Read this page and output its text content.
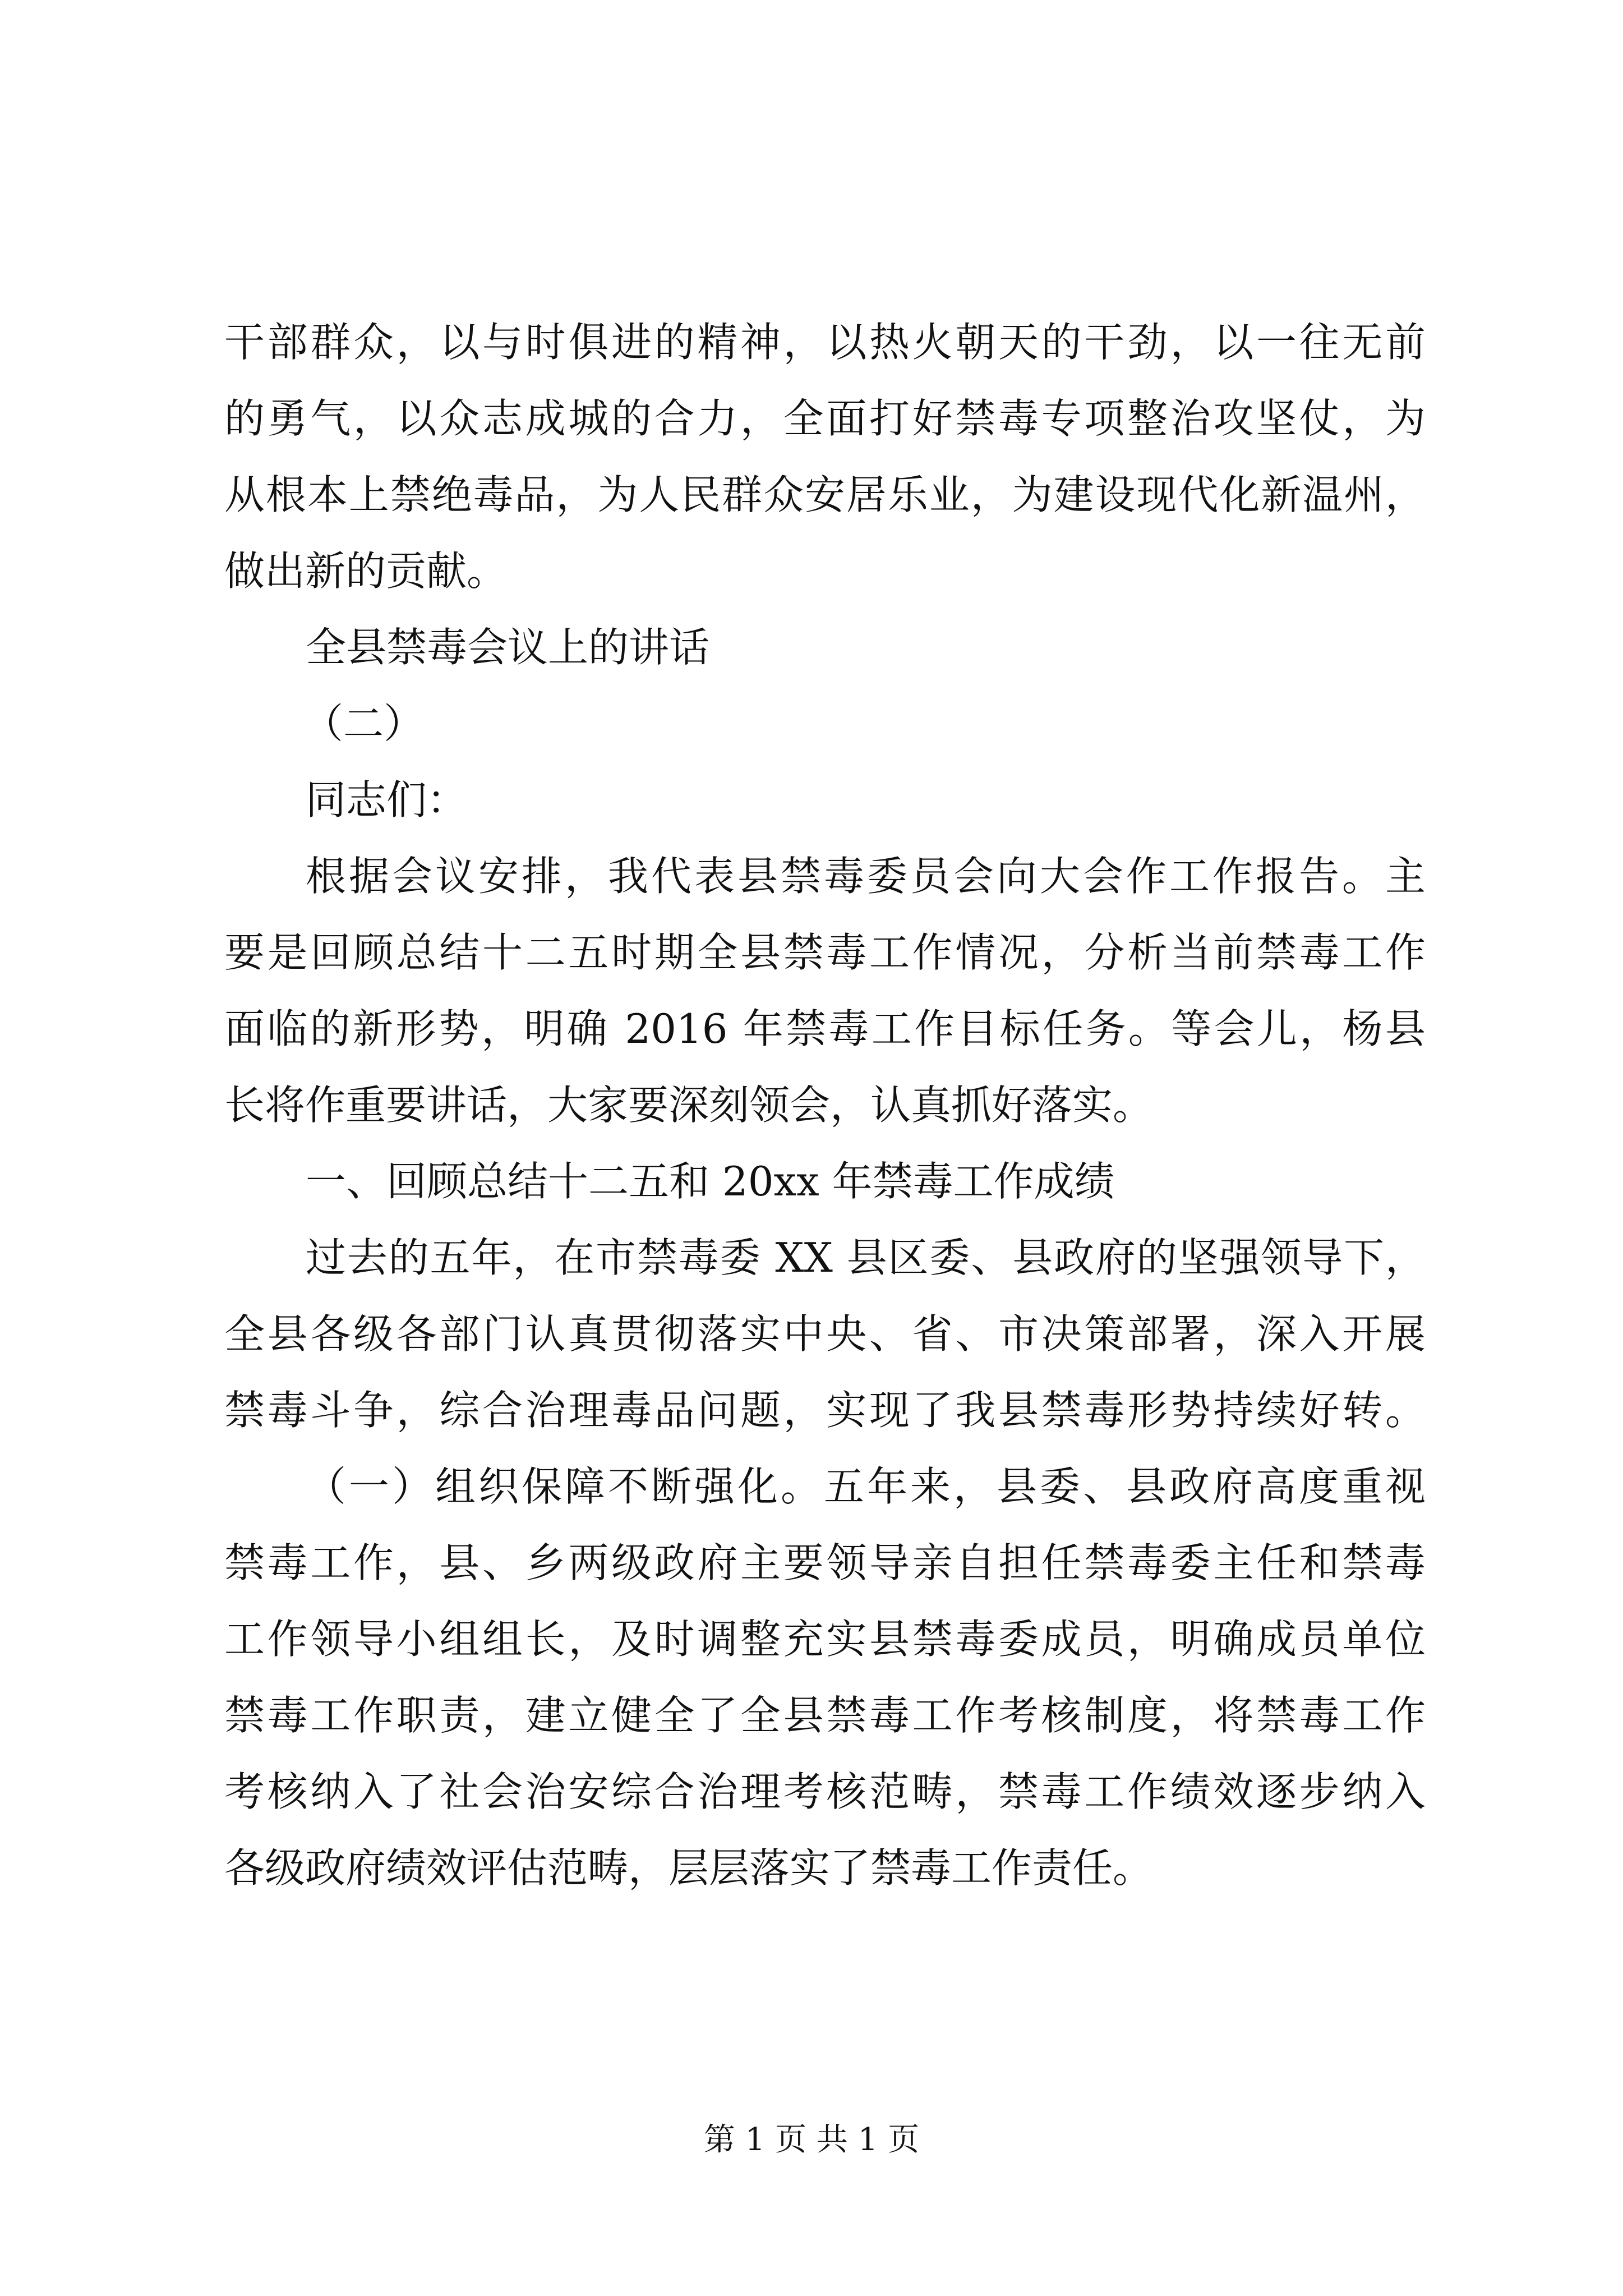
干部群众，以与时俱进的精神，以热火朝天的干劲，以一往无前
的勇气，以众志成城的合力，全面打好禁毒专项整治攻坚仗，为
从根本上禁绝毒品，为人民群众安居乐业，为建设现代化新温州，
做出新的贡献。
全县禁毒会议上的讲话
（二）
同志们：
根据会议安排，我代表县禁毒委员会向大会作工作报告。主
要是回顾总结十二五时期全县禁毒工作情况，分析当前禁毒工作
面临的新形势，明确 2016 年禁毒工作目标任务。等会儿，杨县
长将作重要讲话，大家要深刻领会，认真抓好落实。
一、回顾总结十二五和 20xx 年禁毒工作成绩
过去的五年，在市禁毒委 XX 县区委、县政府的坚强领导下，
全县各级各部门认真贯彻落实中央、省、市决策部署，深入开展
禁毒斗争，综合治理毒品问题，实现了我县禁毒形势持续好转。
（一）组织保障不断强化。五年来，县委、县政府高度重视
禁毒工作，县、乡两级政府主要领导亲自担任禁毒委主任和禁毒
工作领导小组组长，及时调整充实县禁毒委成员，明确成员单位
禁毒工作职责，建立健全了全县禁毒工作考核制度，将禁毒工作
考核纳入了社会治安综合治理考核范畴，禁毒工作绩效逐步纳入
各级政府绩效评估范畴，层层落实了禁毒工作责任。
第 1 页 共 1 页
